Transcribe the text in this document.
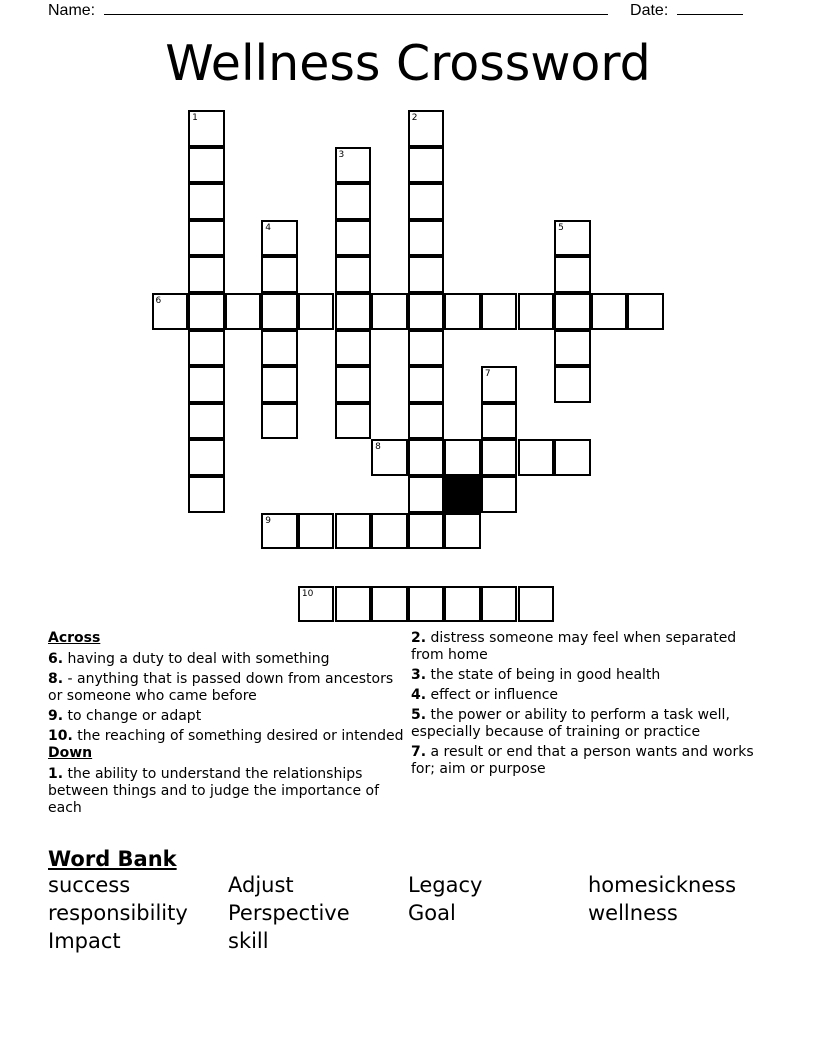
Name:	Date:
Wellness Crossword
1	2
3
4	5
6
7
8
9
10
Across
6. having a duty to deal with something
8. - anything that is passed down from ancestors or someone who came before
9. to change or adapt
10. the reaching of something desired or intended
Down
1. the ability to understand the relationships between things and to judge the importance of each
2. distress someone may feel when separated from home
3. the state of being in good health
4. effect or influence
5. the power or ability to perform a task well, especially because of training or practice
7. a result or end that a person wants and works for; aim or purpose
Word Bank
success	Adjust	Legacy	homesickness
responsibility	Perspective	Goal	wellness
Impact	skill
